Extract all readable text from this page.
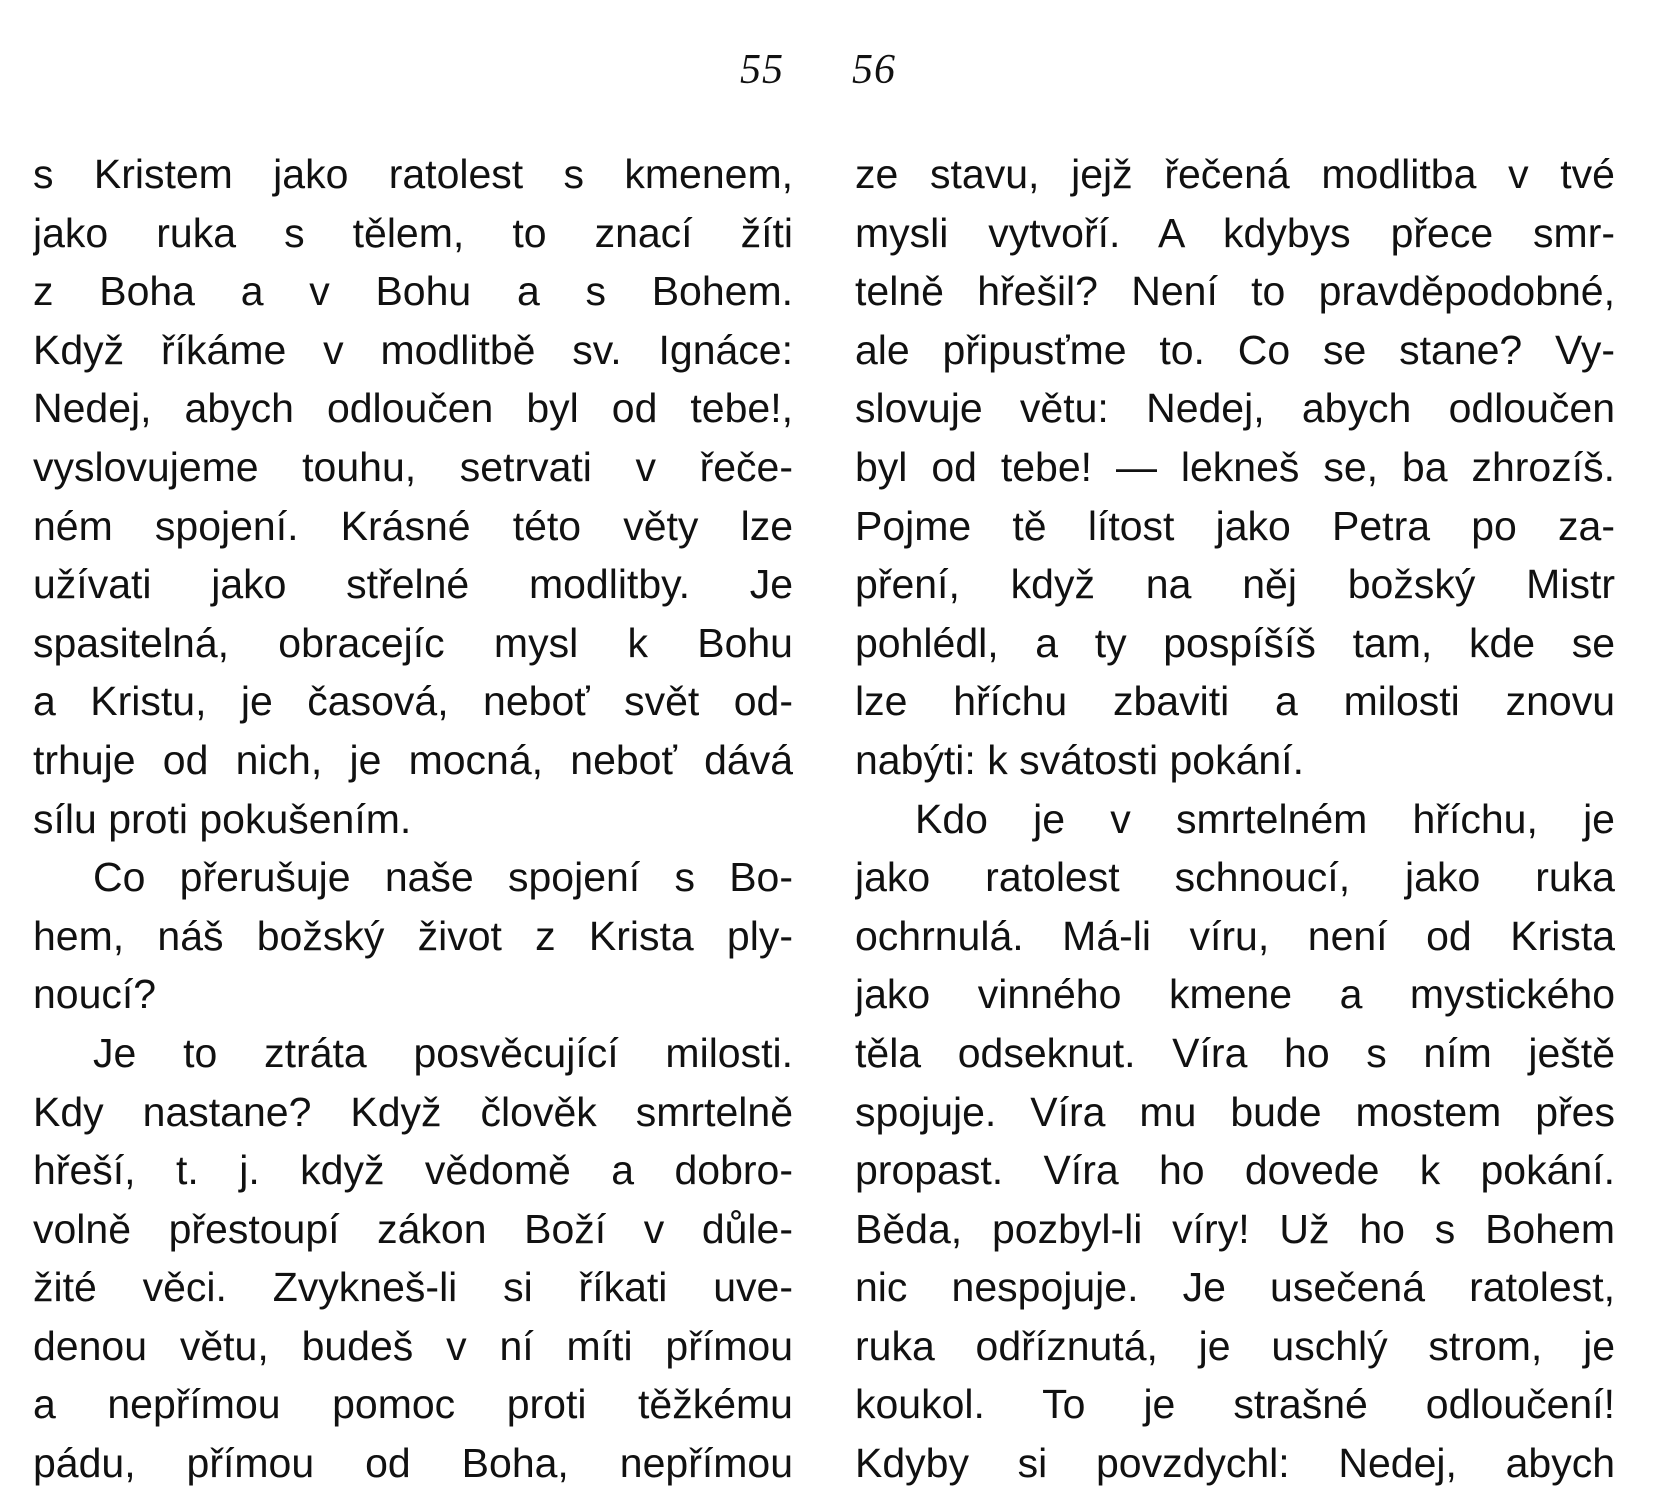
55 56
s Kristem jako ratolest s kmenem,
jako ruka s tělem, to znací žíti
z Boha a v Bohu a s Bohem.
Když říkáme v modlitbě sv. Ignáce:
Nedej, abych odloučen byl od tebe!,
vyslovujeme touhu, setrvati v řeče-
ném spojení. Krásné této věty lze
užívati jako střelné modlitby. Je
spasitelná, obracejíc mysl k Bohu
a Kristu, je časová, neboť svět od-
trhuje od nich, je mocná, neboť dává
sílu proti pokušením.
Co přerušuje naše spojení s Bo-
hem, náš božský život z Krista ply-
noucí?
Je to ztráta posvěcující milosti.
Kdy nastane? Když člověk smrtelně
hřeší, t. j. když vědomě a dobro-
volně přestoupí zákon Boží v důle-
žité věci. Zvykneš-li si říkati uve-
denou větu, budeš v ní míti přímou
a nepřímou pomoc proti těžkému
pádu, přímou od Boha, nepřímou
ze stavu, jejž řečená modlitba v tvé
mysli vytvoří. A kdybys přece smr-
telně hřešil? Není to pravděpodobné,
ale připusťme to. Co se stane? Vy-
slovuje větu: Nedej, abych odloučen
byl od tebe! — lekneš se, ba zhrozíš.
Pojme tě lítost jako Petra po za-
pření, když na něj božský Mistr
pohlédl, a ty pospíšíš tam, kde se
lze hříchu zbaviti a milosti znovu
nabýti: k svátosti pokání.
Kdo je v smrtelném hříchu, je
jako ratolest schnoucí, jako ruka
ochrnulá. Má-li víru, není od Krista
jako vinného kmene a mystického
těla odseknut. Víra ho s ním ještě
spojuje. Víra mu bude mostem přes
propast. Víra ho dovede k pokání.
Běda, pozbyl-li víry! Už ho s Bohem
nic nespojuje. Je usečená ratolest,
ruka odříznutá, je uschlý strom, je
koukol. To je strašné odloučení!
Kdyby si povzdychl: Nedej, abych
